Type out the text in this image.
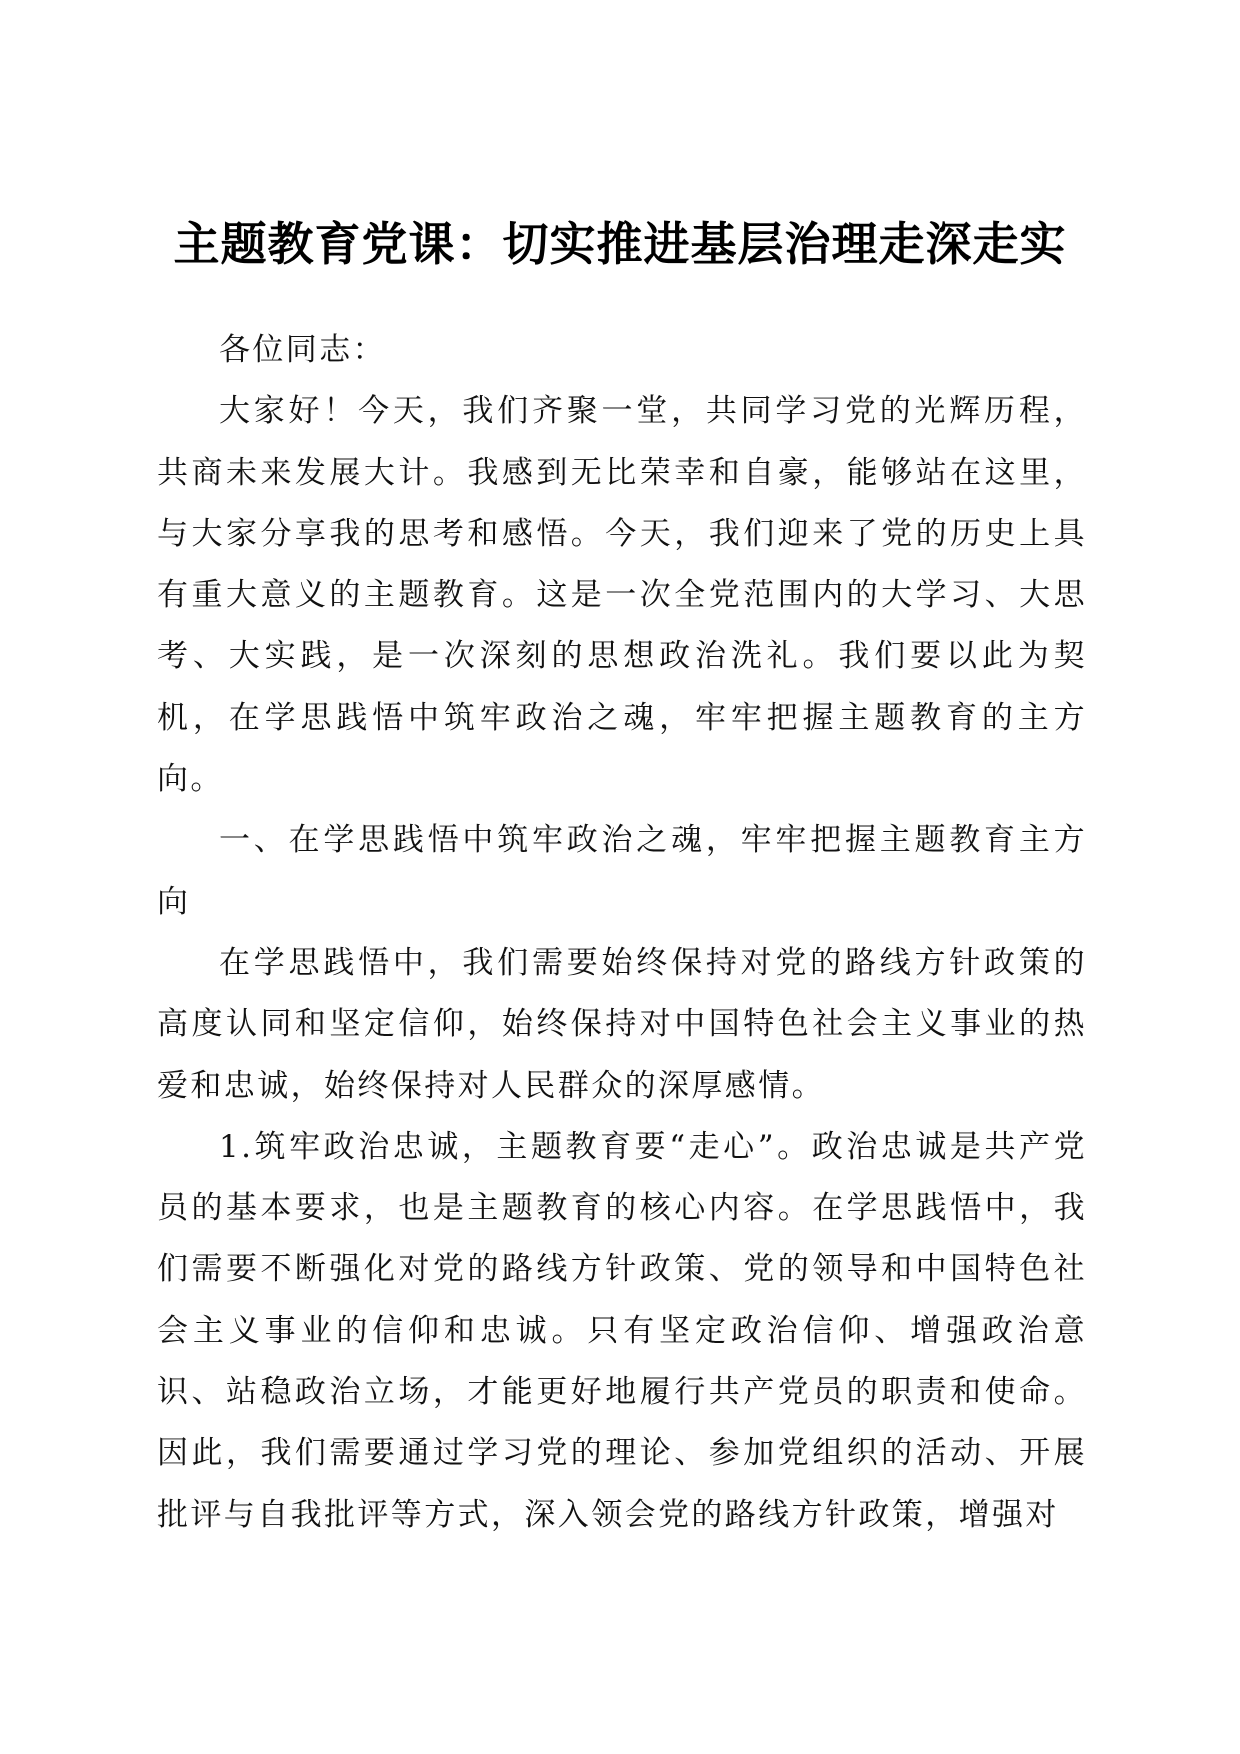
主题教育党课：切实推进基层治理走深走实

各位同志：

大家好！今天，我们齐聚一堂，共同学习党的光辉历程，共商未来发展大计。我感到无比荣幸和自豪，能够站在这里，与大家分享我的思考和感悟。今天，我们迎来了党的历史上具有重大意义的主题教育。这是一次全党范围内的大学习、大思考、大实践，是一次深刻的思想政治洗礼。我们要以此为契机，在学思践悟中筑牢政治之魂，牢牢把握主题教育的主方向。

一、在学思践悟中筑牢政治之魂，牢牢把握主题教育主方向

在学思践悟中，我们需要始终保持对党的路线方针政策的高度认同和坚定信仰，始终保持对中国特色社会主义事业的热爱和忠诚，始终保持对人民群众的深厚感情。

1.筑牢政治忠诚，主题教育要“走心”。政治忠诚是共产党员的基本要求，也是主题教育的核心内容。在学思践悟中，我们需要不断强化对党的路线方针政策、党的领导和中国特色社会主义事业的信仰和忠诚。只有坚定政治信仰、增强政治意识、站稳政治立场，才能更好地履行共产党员的职责和使命。因此，我们需要通过学习党的理论、参加党组织的活动、开展批评与自我批评等方式，深入领会党的路线方针政策，增强对
